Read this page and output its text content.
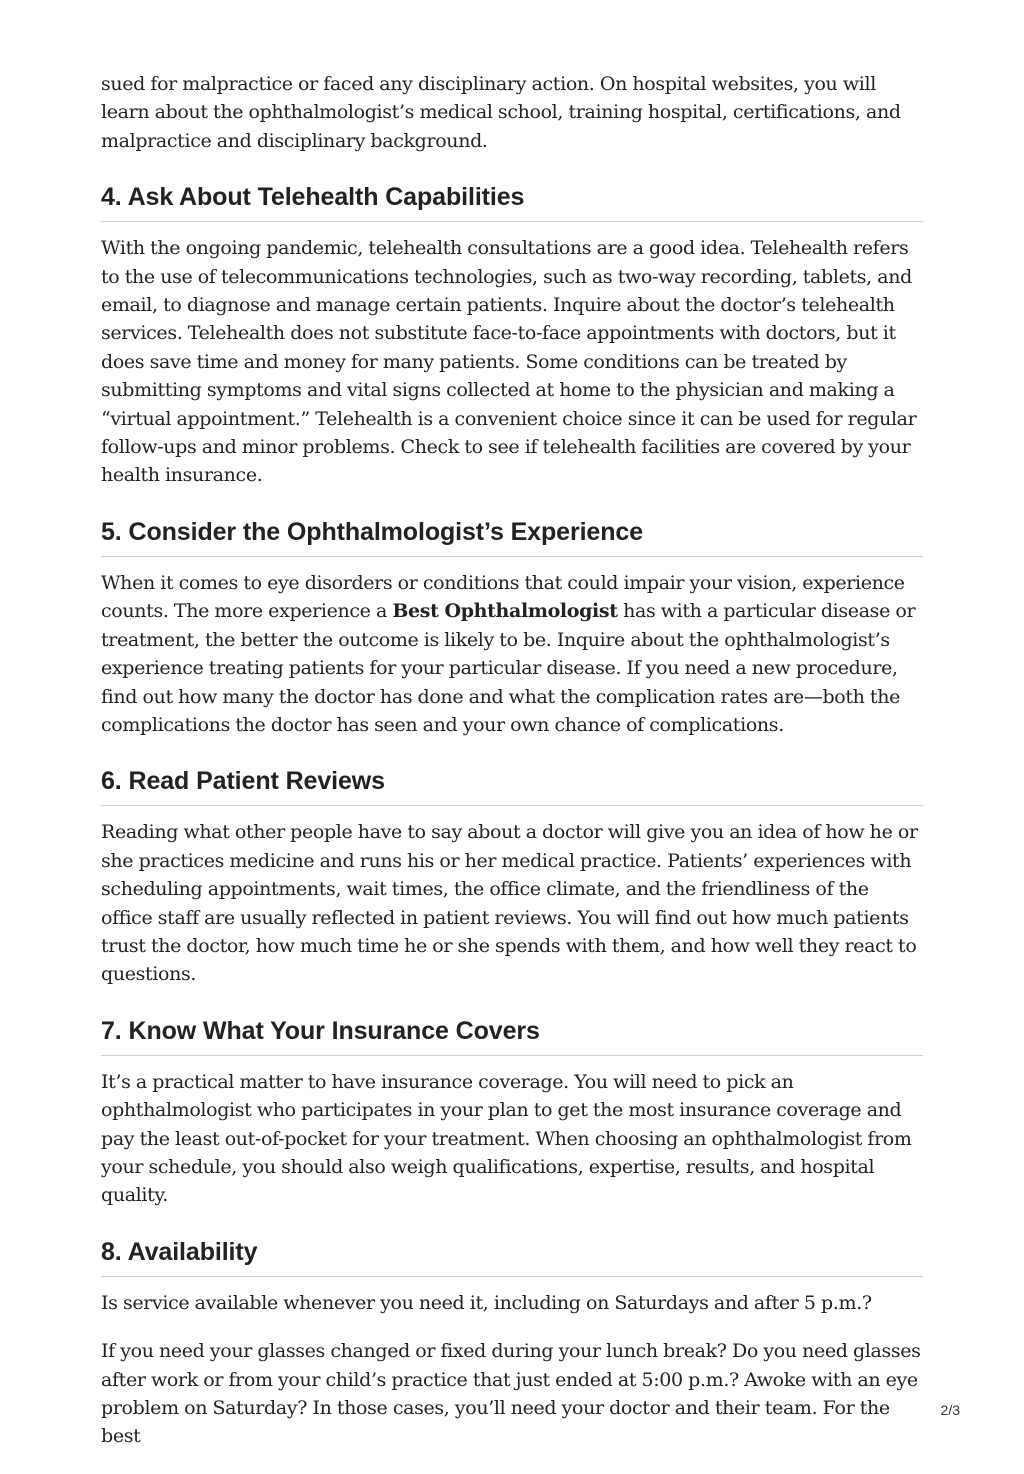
sued for malpractice or faced any disciplinary action. On hospital websites, you will learn about the ophthalmologist’s medical school, training hospital, certifications, and malpractice and disciplinary background.

4. Ask About Telehealth Capabilities

With the ongoing pandemic, telehealth consultations are a good idea. Telehealth refers to the use of telecommunications technologies, such as two-way recording, tablets, and email, to diagnose and manage certain patients. Inquire about the doctor’s telehealth services. Telehealth does not substitute face-to-face appointments with doctors, but it does save time and money for many patients. Some conditions can be treated by submitting symptoms and vital signs collected at home to the physician and making a “virtual appointment.” Telehealth is a convenient choice since it can be used for regular follow-ups and minor problems. Check to see if telehealth facilities are covered by your health insurance.

5. Consider the Ophthalmologist’s Experience

When it comes to eye disorders or conditions that could impair your vision, experience counts. The more experience a Best Ophthalmologist has with a particular disease or treatment, the better the outcome is likely to be. Inquire about the ophthalmologist’s experience treating patients for your particular disease. If you need a new procedure, find out how many the doctor has done and what the complication rates are—both the complications the doctor has seen and your own chance of complications.

6. Read Patient Reviews

Reading what other people have to say about a doctor will give you an idea of how he or she practices medicine and runs his or her medical practice. Patients’ experiences with scheduling appointments, wait times, the office climate, and the friendliness of the office staff are usually reflected in patient reviews. You will find out how much patients trust the doctor, how much time he or she spends with them, and how well they react to questions.

7. Know What Your Insurance Covers

It’s a practical matter to have insurance coverage. You will need to pick an ophthalmologist who participates in your plan to get the most insurance coverage and pay the least out-of-pocket for your treatment. When choosing an ophthalmologist from your schedule, you should also weigh qualifications, expertise, results, and hospital quality.

8. Availability

Is service available whenever you need it, including on Saturdays and after 5 p.m.?

If you need your glasses changed or fixed during your lunch break? Do you need glasses after work or from your child’s practice that just ended at 5:00 p.m.? Awoke with an eye problem on Saturday? In those cases, you’ll need your doctor and their team. For the best

2/3
